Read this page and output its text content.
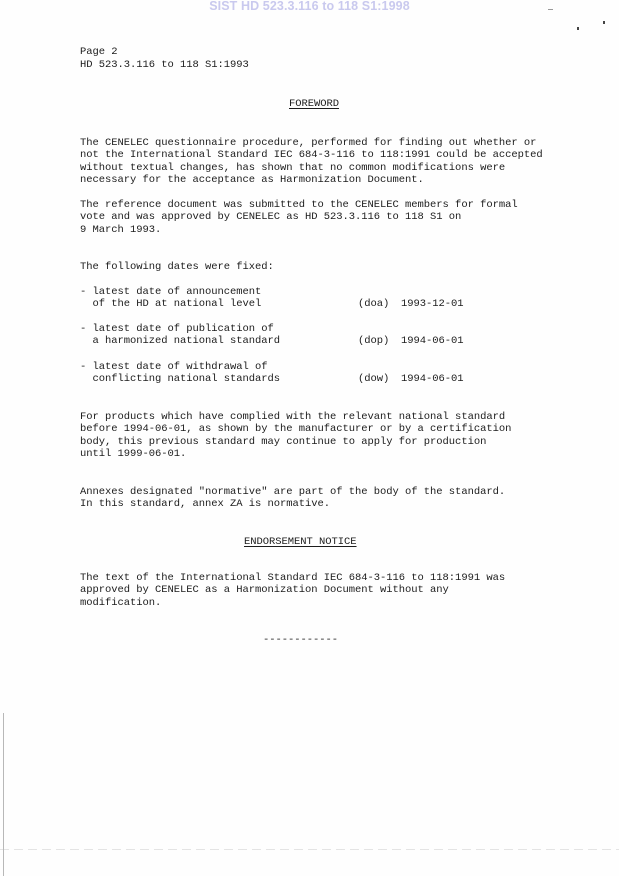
SIST HD 523.3.116 to 118 S1:1998
Page 2
HD 523.3.116 to 118 S1:1993
FOREWORD
The CENELEC questionnaire procedure, performed for finding out whether or
not the International Standard IEC 684-3-116 to 118:1991 could be accepted
without textual changes, has shown that no common modifications were
necessary for the acceptance as Harmonization Document.
The reference document was submitted to the CENELEC members for formal
vote and was approved by CENELEC as HD 523.3.116 to 118 S1 on
9 March 1993.
The following dates were fixed:
- latest date of announcement
of the HD at national level	(doa) 1993-12-01
- latest date of publication of
a harmonized national standard	(dop) 1994-06-01
- latest date of withdrawal of
conflicting national standards	(dow) 1994-06-01
For products which have complied with the relevant national standard
before 1994-06-01, as shown by the manufacturer or by a certification
body, this previous standard may continue to apply for production
until 1999-06-01.
Annexes designated "normative" are part of the body of the standard.
In this standard, annex ZA is normative.
ENDORSEMENT NOTICE
The text of the International Standard IEC 684-3-116 to 118:1991 was
approved by CENELEC as a Harmonization Document without any
modification.
------------
